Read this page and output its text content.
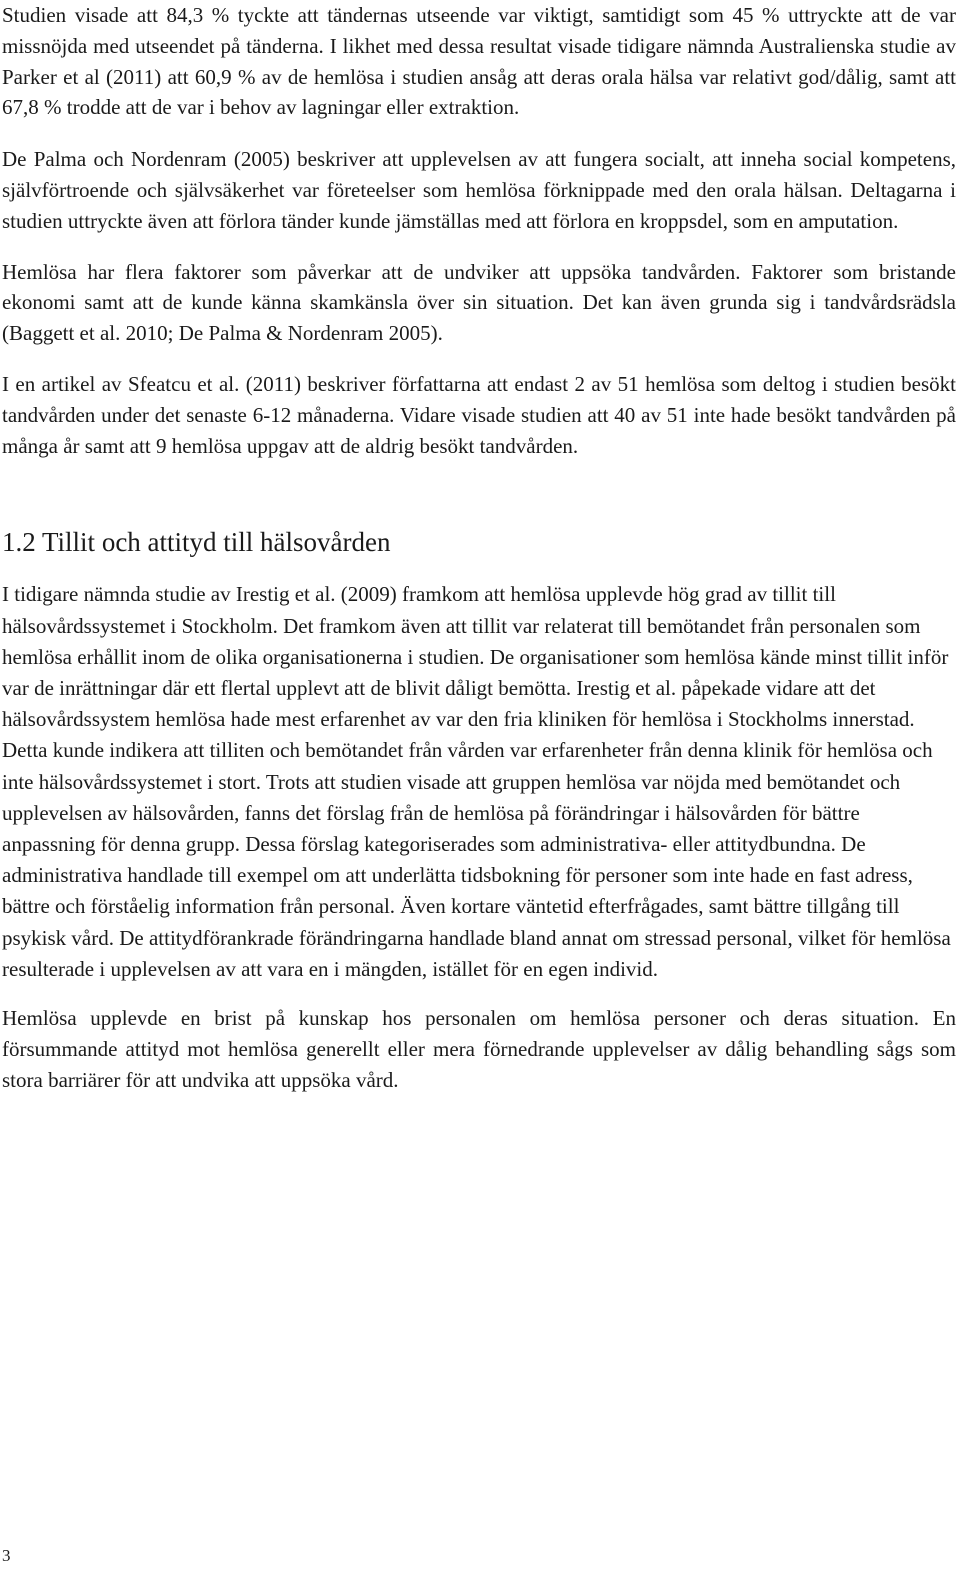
Studien visade att 84,3 % tyckte att tändernas utseende var viktigt, samtidigt som 45 % uttryckte att de var missnöjda med utseendet på tänderna. I likhet med dessa resultat visade tidigare nämnda Australienska studie av Parker et al (2011) att 60,9 % av de hemlösa i studien ansåg att deras orala hälsa var relativt god/dålig, samt att 67,8 % trodde att de var i behov av lagningar eller extraktion.

De Palma och Nordenram (2005) beskriver att upplevelsen av att fungera socialt, att inneha social kompetens, självförtroende och självsäkerhet var företeelser som hemlösa förknippade med den orala hälsan. Deltagarna i studien uttryckte även att förlora tänder kunde jämställas med att förlora en kroppsdel, som en amputation.

Hemlösa har flera faktorer som påverkar att de undviker att uppsöka tandvården. Faktorer som bristande ekonomi samt att de kunde känna skamkänsla över sin situation. Det kan även grunda sig i tandvårdsrädsla (Baggett et al. 2010; De Palma & Nordenram 2005).

I en artikel av Sfeatcu et al. (2011) beskriver författarna att endast 2 av 51 hemlösa som deltog i studien besökt tandvården under det senaste 6-12 månaderna. Vidare visade studien att 40 av 51 inte hade besökt tandvården på många år samt att 9 hemlösa uppgav att de aldrig besökt tandvården.

1.2 Tillit och attityd till hälsovården

I tidigare nämnda studie av Irestig et al. (2009) framkom att hemlösa upplevde hög grad av tillit till hälsovårdssystemet i Stockholm. Det framkom även att tillit var relaterat till bemötandet från personalen som hemlösa erhållit inom de olika organisationerna i studien. De organisationer som hemlösa kände minst tillit inför var de inrättningar där ett flertal upplevt att de blivit dåligt bemötta. Irestig et al. påpekade vidare att det hälsovårdssystem hemlösa hade mest erfarenhet av var den fria kliniken för hemlösa i Stockholms innerstad. Detta kunde indikera att tilliten och bemötandet från vården var erfarenheter från denna klinik för hemlösa och inte hälsovårdssystemet i stort. Trots att studien visade att gruppen hemlösa var nöjda med bemötandet och upplevelsen av hälsovården, fanns det förslag från de hemlösa på förändringar i hälsovården för bättre anpassning för denna grupp. Dessa förslag kategoriserades som administrativa- eller attitydbundna. De administrativa handlade till exempel om att underlätta tidsbokning för personer som inte hade en fast adress, bättre och förståelig information från personal. Även kortare väntetid efterfrågades, samt bättre tillgång till psykisk vård. De attitydförankrade förändringarna handlade bland annat om stressad personal, vilket för hemlösa resulterade i upplevelsen av att vara en i mängden, istället för en egen individ.

Hemlösa upplevde en brist på kunskap hos personalen om hemlösa personer och deras situation. En försummande attityd mot hemlösa generellt eller mera förnedrande upplevelser av dålig behandling sågs som stora barriärer för att undvika att uppsöka vård.

3
